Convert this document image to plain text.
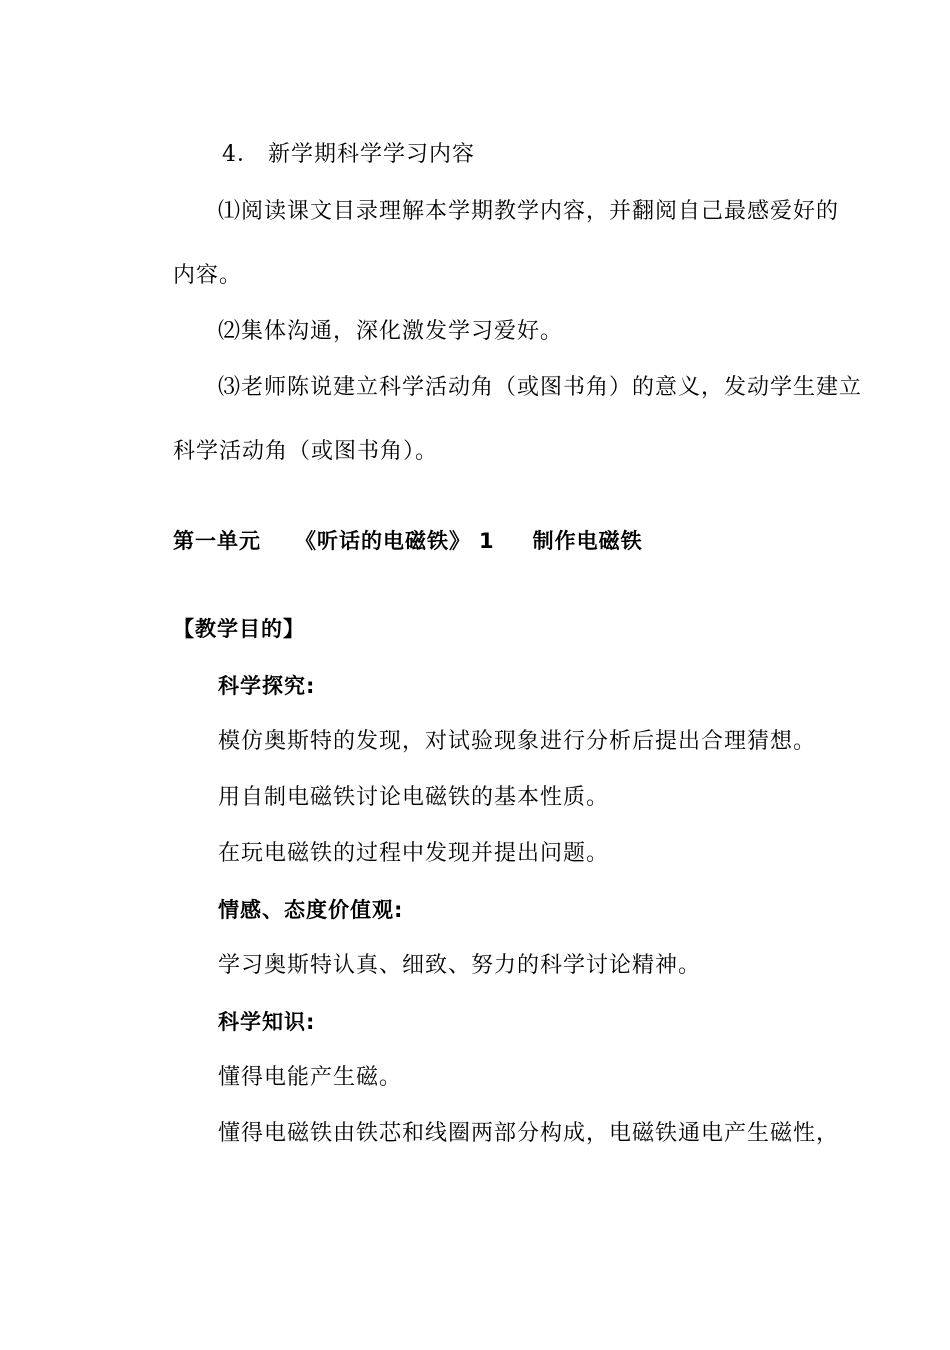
4． 新学期科学学习内容
⑴阅读课文目录理解本学期教学内容，并翻阅自己最感爱好的
内容。
⑵集体沟通，深化激发学习爱好。
⑶老师陈说建立科学活动角（或图书角）的意义，发动学生建立
科学活动角（或图书角）。
第一单元 《听话的电磁铁》 1 制作电磁铁
【教学目的】
科学探究:
模仿奥斯特的发现，对试验现象进行分析后提出合理猜想。
用自制电磁铁讨论电磁铁的基本性质。
在玩电磁铁的过程中发现并提出问题。
情感、态度价值观:
学习奥斯特认真、细致、努力的科学讨论精神。
科学知识:
懂得电能产生磁。
懂得电磁铁由铁芯和线圈两部分构成，电磁铁通电产生磁性，
